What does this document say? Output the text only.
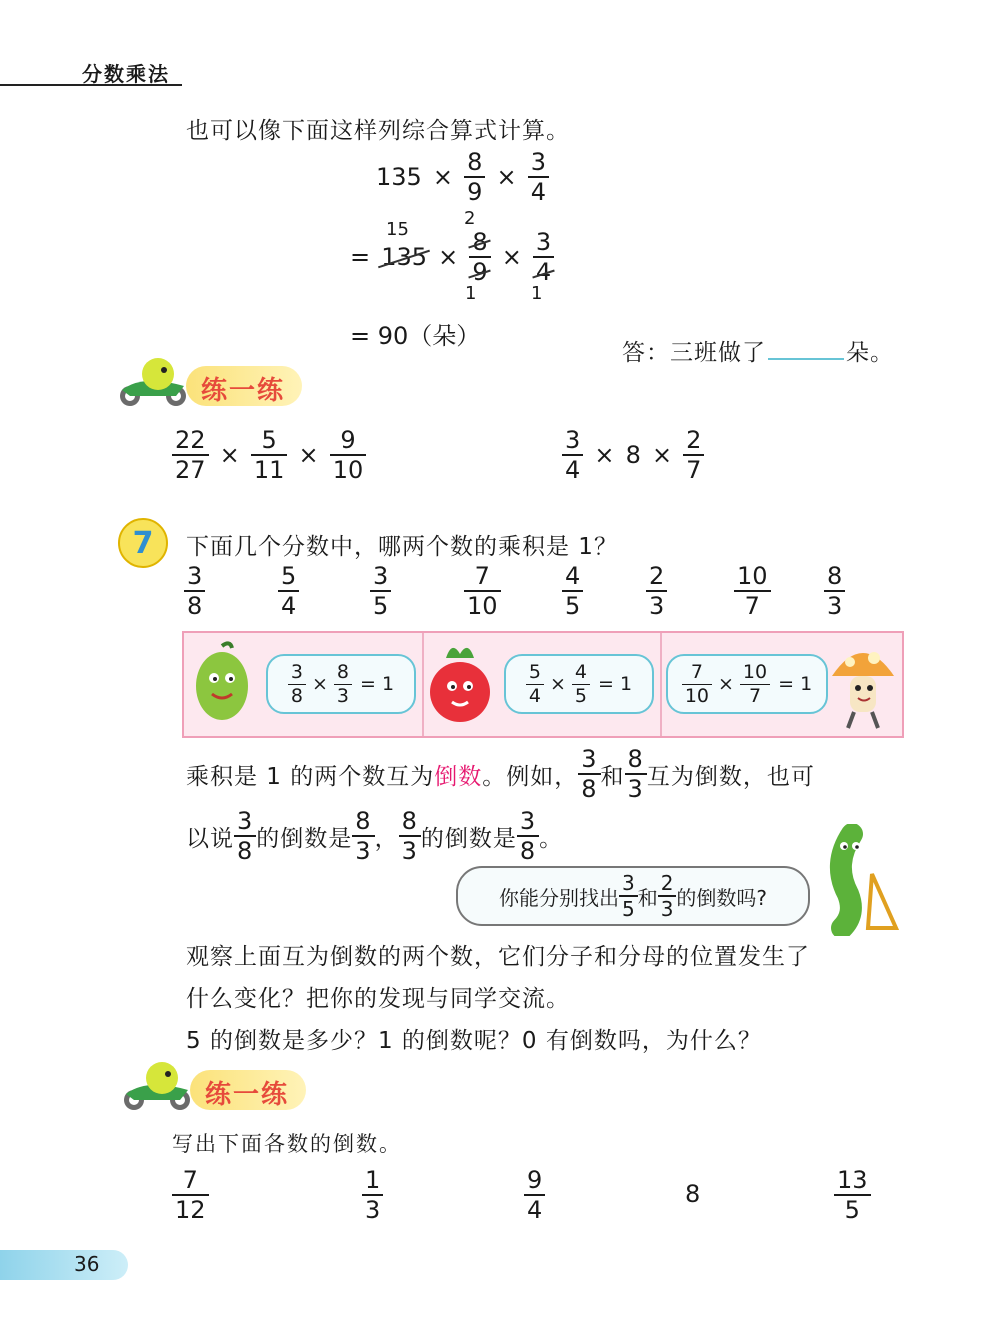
分数乘法
也可以像下面这样列综合算式计算。
$135 \times \frac{8}{9} \times \frac{3}{4}$
15
2
1	1
= $135 \times \frac{8}{9} \times \frac{3}{4}$
= 90（朵）
答：三班做了	朵。
练一练
$\frac{22}{27} \times \frac{5}{11} \times \frac{9}{10}$	$\frac{3}{4} \times 8 \times \frac{2}{7}$
7 下面几个分数中，哪两个数的乘积是 1？
$\frac{3}{8}$	$\frac{5}{4}$	$\frac{3}{5}$	$\frac{7}{10}$	$\frac{4}{5}$	$\frac{2}{3}$	$\frac{10}{7} \frac{8}{3}$
$\frac{3}{8} \times \frac{8}{3} = 1$	$\frac{5}{4} \times \frac{4}{5} = 1$	$\frac{7}{10} \times \frac{10}{7} = 1$
乘积是 1 的两个数互为 倒数 。例如， $\frac{3}{8}$ 和 $\frac{8}{3}$ 互为倒数，也可
以说 $\frac{3}{8}$ 的倒数是 $\frac{8}{3}$ ， $\frac{8}{3}$ 的倒数是 $\frac{3}{8}$ 。
你能分别找出 $\frac{3}{5}$ 和 $\frac{2}{3}$ 的倒数吗?
观察上面互为倒数的两个数，它们分子和分母的位置发生了
什么变化？把你的发现与同学交流。
5 的倒数是多少？1 的倒数呢？0 有倒数吗，为什么？
练一练
写出下面各数的倒数。
$\frac{7}{12}$	$\frac{1}{3}$	$\frac{9}{4}$	8	$\frac{13}{5}$
36
